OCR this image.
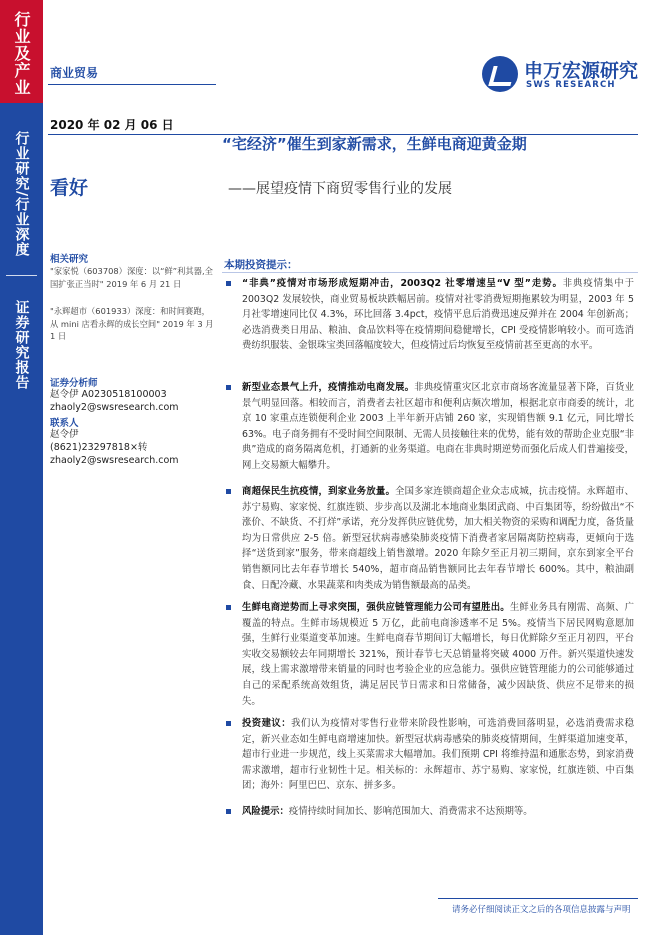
行业及产业
行业研究/行业深度
证券研究报告
商业贸易	申万宏源研究
SWS RESEARCH
2020 年 02 月 06 日
“宅经济”催生到家新需求，生鲜电商迎黄金期
——展望疫情下商贸零售行业的发展
看好
相关研究
"家家悦（603708）深度：以“鲜”利其器,全国扩张正当时" 2019 年 6 月 21 日
"永辉超市（601933）深度：和时间赛跑，从 mini 店看永辉的成长空间" 2019 年 3 月 1 日
证券分析师
赵令伊 A0230518100003
zhaoly2@swsresearch.com
联系人
赵令伊
(8621)23297818×转
zhaoly2@swsresearch.com
本期投资提示：
“非典”疫情对市场形成短期冲击，2003Q2 社零增速呈“V 型”走势。非典疫情集中于 2003Q2 发展较快，商业贸易板块跌幅居前。疫情对社零消费短期拖累较为明显，2003 年 5 月社零增速同比仅 4.3%，环比回落 3.4pct，疫情平息后消费迅速反弹并在 2004 年创新高；必选消费类日用品、粮油、食品饮料等在疫情期间稳健增长，CPI 受疫情影响较小。而可选消费纺织服装、金银珠宝类回落幅度较大，但疫情过后均恢复至疫情前甚至更高的水平。
新型业态景气上升，疫情推动电商发展。非典疫情重灾区北京市商场客流量显著下降，百货业景气明显回落。相较而言，消费者去社区超市和便利店频次增加，根据北京市商委的统计，北京 10 家重点连锁便利企业 2003 上半年新开店铺 260 家，实现销售额 9.1 亿元，同比增长 63%。电子商务拥有不受时间空间限制、无需人员接触往来的优势，能有效的帮助企业克服“非典”造成的商务隔离危机，打通新的业务渠道。电商在非典时期逆势而强化后成人们普遍接受，网上交易额大幅攀升。
商超保民生抗疫情，到家业务放量。全国多家连锁商超企业众志成城，抗击疫情。永辉超市、苏宁易购、家家悦、红旗连锁、步步高以及湖北本地商业集团武商、中百集团等，纷纷做出“不涨价、不缺货、不打烊”承诺，充分发挥供应链优势，加大相关物资的采购和调配力度，备货量均为日常供应 2-5 倍。新型冠状病毒感染肺炎疫情下消费者家居隔离防控病毒，更倾向于选择“送货到家”服务，带来商超线上销售激增。2020 年除夕至正月初三期间，京东到家全平台销售额同比去年春节增长 540%，超市商品销售额同比去年春节增长 600%。其中，粮油副食、日配冷藏、水果蔬菜和肉类成为销售额最高的品类。
生鲜电商逆势而上寻求突围，强供应链管理能力公司有望胜出。生鲜业务具有刚需、高频、广覆盖的特点。生鲜市场规模近 5 万亿，此前电商渗透率不足 5%。疫情当下居民网购意愿加强，生鲜行业渠道变革加速。生鲜电商春节期间订大幅增长，每日优鲜除夕至正月初四，平台实收交易额较去年同期增长 321%，预计春节七天总销量将突破 4000 万件。新兴渠道快速发展，线上需求激增带来销量的同时也考验企业的应急能力。强供应链管理能力的公司能够通过自己的采配系统高效组货，满足居民节日需求和日常储备，减少因缺货、供应不足带来的损失。
投资建议：我们认为疫情对零售行业带来阶段性影响，可选消费回落明显，必选消费需求稳定，新兴业态如生鲜电商增速加快。新型冠状病毒感染的肺炎疫情期间，生鲜渠道加速变革，超市行业进一步规范，线上买菜需求大幅增加。我们预期 CPI 将维持温和通胀态势，到家消费需求激增，超市行业韧性十足。相关标的：永辉超市、苏宁易购、家家悦，红旗连锁、中百集团；海外：阿里巴巴、京东、拼多多。
风险提示：疫情持续时间加长、影响范围加大、消费需求不达预期等。
请务必仔细阅读正文之后的各项信息披露与声明
